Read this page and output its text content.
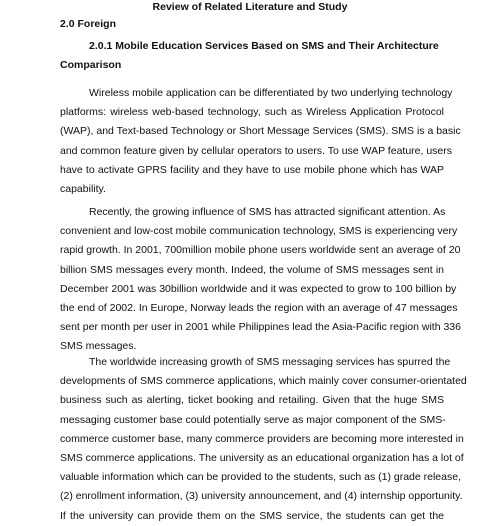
Review of Related Literature and Study
2.0 Foreign
2.0.1 Mobile Education Services Based on SMS and Their Architecture Comparison

Wireless mobile application can be differentiated by two underlying technology
platforms: wireless web-based technology, such as Wireless Application Protocol
(WAP), and Text-based Technology or Short Message Services (SMS). SMS is a basic
and common feature given by cellular operators to users. To use WAP feature, users
have to activate GPRS facility and they have to use mobile phone which has WAP
capability.

Recently, the growing influence of SMS has attracted significant attention. As
convenient and low-cost mobile communication technology, SMS is experiencing very
rapid growth. In 2001, 700million mobile phone users worldwide sent an average of 20
billion SMS messages every month. Indeed, the volume of SMS messages sent in
December 2001 was 30billion worldwide and it was expected to grow to 100 billion by
the end of 2002. In Europe, Norway leads the region with an average of 47 messages
sent per month per user in 2001 while Philippines lead the Asia-Pacific region with 336
SMS messages.

The worldwide increasing growth of SMS messaging services has spurred the
developments of SMS commerce applications, which mainly cover consumer-orientated
business such as alerting, ticket booking and retailing. Given that the huge SMS
messaging customer base could potentially serve as major component of the SMS-
commerce customer base, many commerce providers are becoming more interested in
SMS commerce applications. The university as an educational organization has a lot of
valuable information which can be provided to the students, such as (1) grade release,
(2) enrollment information, (3) university announcement, and (4) internship opportunity.
If the university can provide them on the SMS service, the students can get the
